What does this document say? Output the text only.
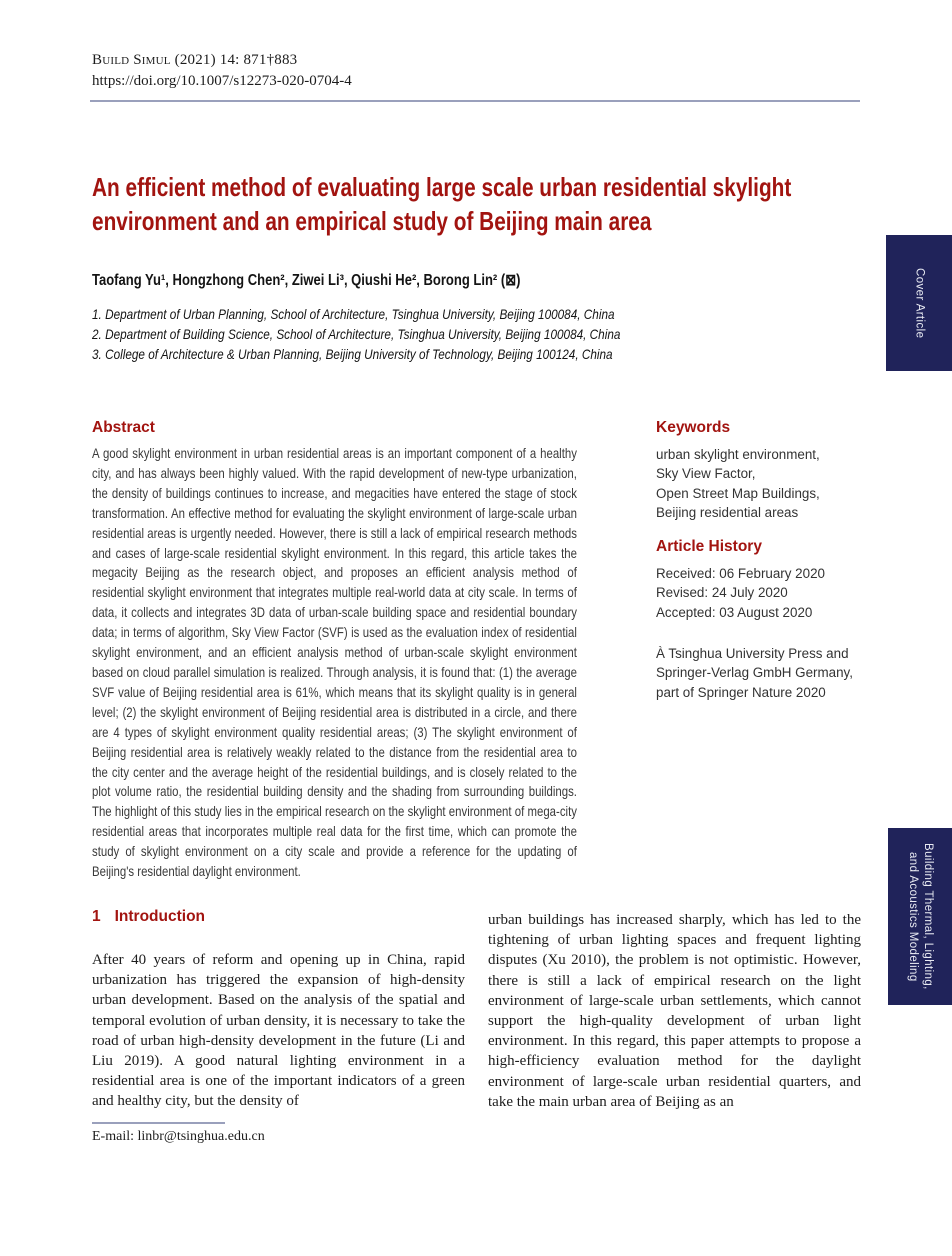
Build Simul (2021) 14: 871†883
https://doi.org/10.1007/s12273-020-0704-4
An efficient method of evaluating large scale urban residential skylight
environment and an empirical study of Beijing main area
Taofang Yu¹, Hongzhong Chen², Ziwei Li³, Qiushi He², Borong Lin² (⊠)
1. Department of Urban Planning, School of Architecture, Tsinghua University, Beijing 100084, China
2. Department of Building Science, School of Architecture, Tsinghua University, Beijing 100084, China
3. College of Architecture & Urban Planning, Beijing University of Technology, Beijing 100124, China
Abstract
A good skylight environment in urban residential areas is an important component of a healthy city, and has always been highly valued. With the rapid development of new-type urbanization, the density of buildings continues to increase, and megacities have entered the stage of stock transformation. An effective method for evaluating the skylight environment of large-scale urban residential areas is urgently needed. However, there is still a lack of empirical research methods and cases of large-scale residential skylight environment. In this regard, this article takes the megacity Beijing as the research object, and proposes an efficient analysis method of residential skylight environment that integrates multiple real-world data at city scale. In terms of data, it collects and integrates 3D data of urban-scale building space and residential boundary data; in terms of algorithm, Sky View Factor (SVF) is used as the evaluation index of residential skylight environment, and an efficient analysis method of urban-scale skylight environment based on cloud parallel simulation is realized. Through analysis, it is found that: (1) the average SVF value of Beijing residential area is 61%, which means that its skylight quality is in general level; (2) the skylight environment of Beijing residential area is distributed in a circle, and there are 4 types of skylight environment quality residential areas; (3) The skylight environment of Beijing residential area is relatively weakly related to the distance from the residential area to the city center and the average height of the residential buildings, and is closely related to the plot volume ratio, the residential building density and the shading from surrounding buildings. The highlight of this study lies in the empirical research on the skylight environment of mega-city residential areas that incorporates multiple real data for the first time, which can promote the study of skylight environment on a city scale and provide a reference for the updating of Beijing's residential daylight environment.
Keywords
urban skylight environment,
Sky View Factor,
Open Street Map Buildings,
Beijing residential areas
Article History
Received: 06 February 2020
Revised: 24 July 2020
Accepted: 03 August 2020
À Tsinghua University Press and
Springer-Verlag GmbH Germany,
part of Springer Nature 2020
1 Introduction
After 40 years of reform and opening up in China, rapid urbanization has triggered the expansion of high-density urban development. Based on the analysis of the spatial and temporal evolution of urban density, it is necessary to take the road of urban high-density development in the future (Li and Liu 2019). A good natural lighting environment in a residential area is one of the important indicators of a green and healthy city, but the density of
urban buildings has increased sharply, which has led to the tightening of urban lighting spaces and frequent lighting disputes (Xu 2010), the problem is not optimistic. However, there is still a lack of empirical research on the light environment of large-scale urban settlements, which cannot support the high-quality development of urban light environment. In this regard, this paper attempts to propose a high-efficiency evaluation method for the daylight environment of large-scale urban residential quarters, and take the main urban area of Beijing as an
E-mail: linbr@tsinghua.edu.cn
Cover Article
Building Thermal, Lighting,
and Acoustics Modeling
